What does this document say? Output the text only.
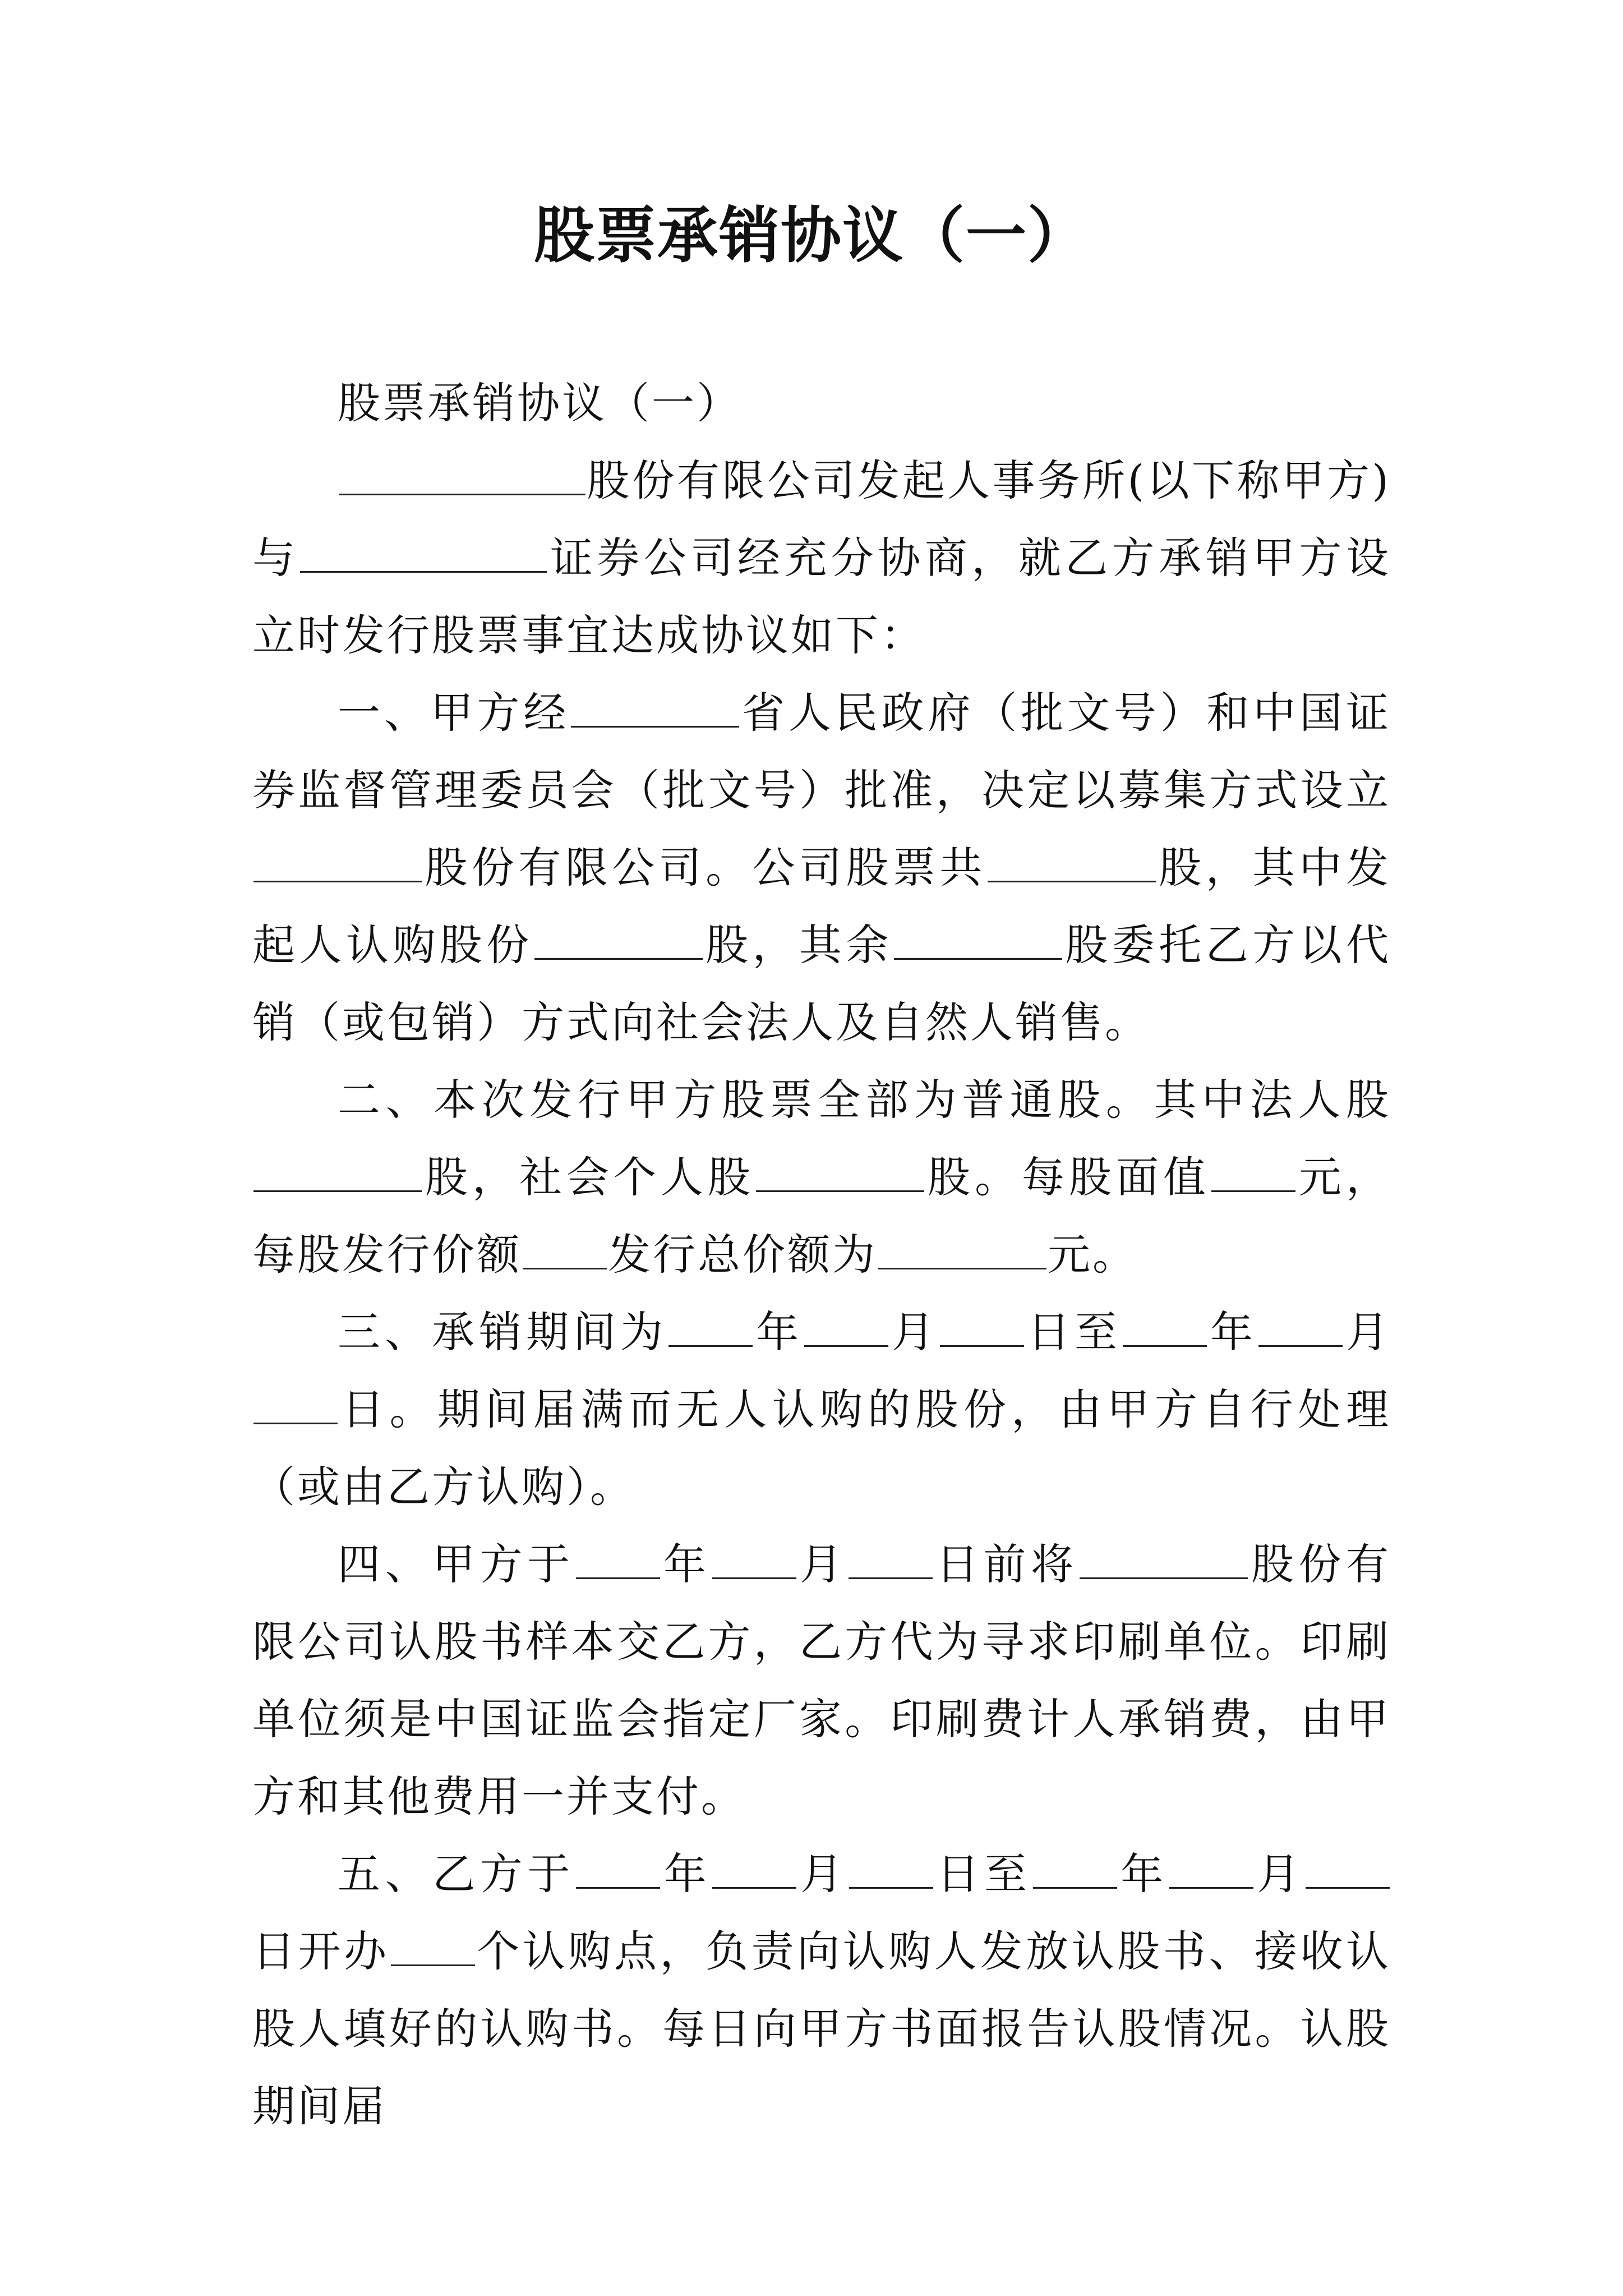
股票承销协议（一）

股票承销协议（一）

股份有限公司发起人事务所(以下称甲方)与	证券公司经充分协商，就乙方承销甲方设立时发行股票事宜达成协议如下：

一、甲方经	省人民政府（批文号）和中国证券监督管理委员会（批文号）批准，决定以募集方式设立股份有限公司。公司股票共	股，其中发起人认购股份	股，其余	股委托乙方以代销（或包销）方式向社会法人及自然人销售。

二、本次发行甲方股票全部为普通股。其中法人股股，社会个人股	股。每股面值 元，每股发行价额 发行总价额为	元。

三、承销期间为 年 月 日至 年 月日。期间届满而无人认购的股份，由甲方自行处理（或由乙方认购）。

四、甲方于 年 月 日前将	股份有限公司认股书样本交乙方，乙方代为寻求印刷单位。印刷单位须是中国证监会指定厂家。印刷费计人承销费，由甲方和其他费用一并支付。

五、乙方于 年 月 日至 年 月日开办 个认购点，负责向认购人发放认股书、接收认股人填好的认购书。每日向甲方书面报告认股情况。认股期间届
